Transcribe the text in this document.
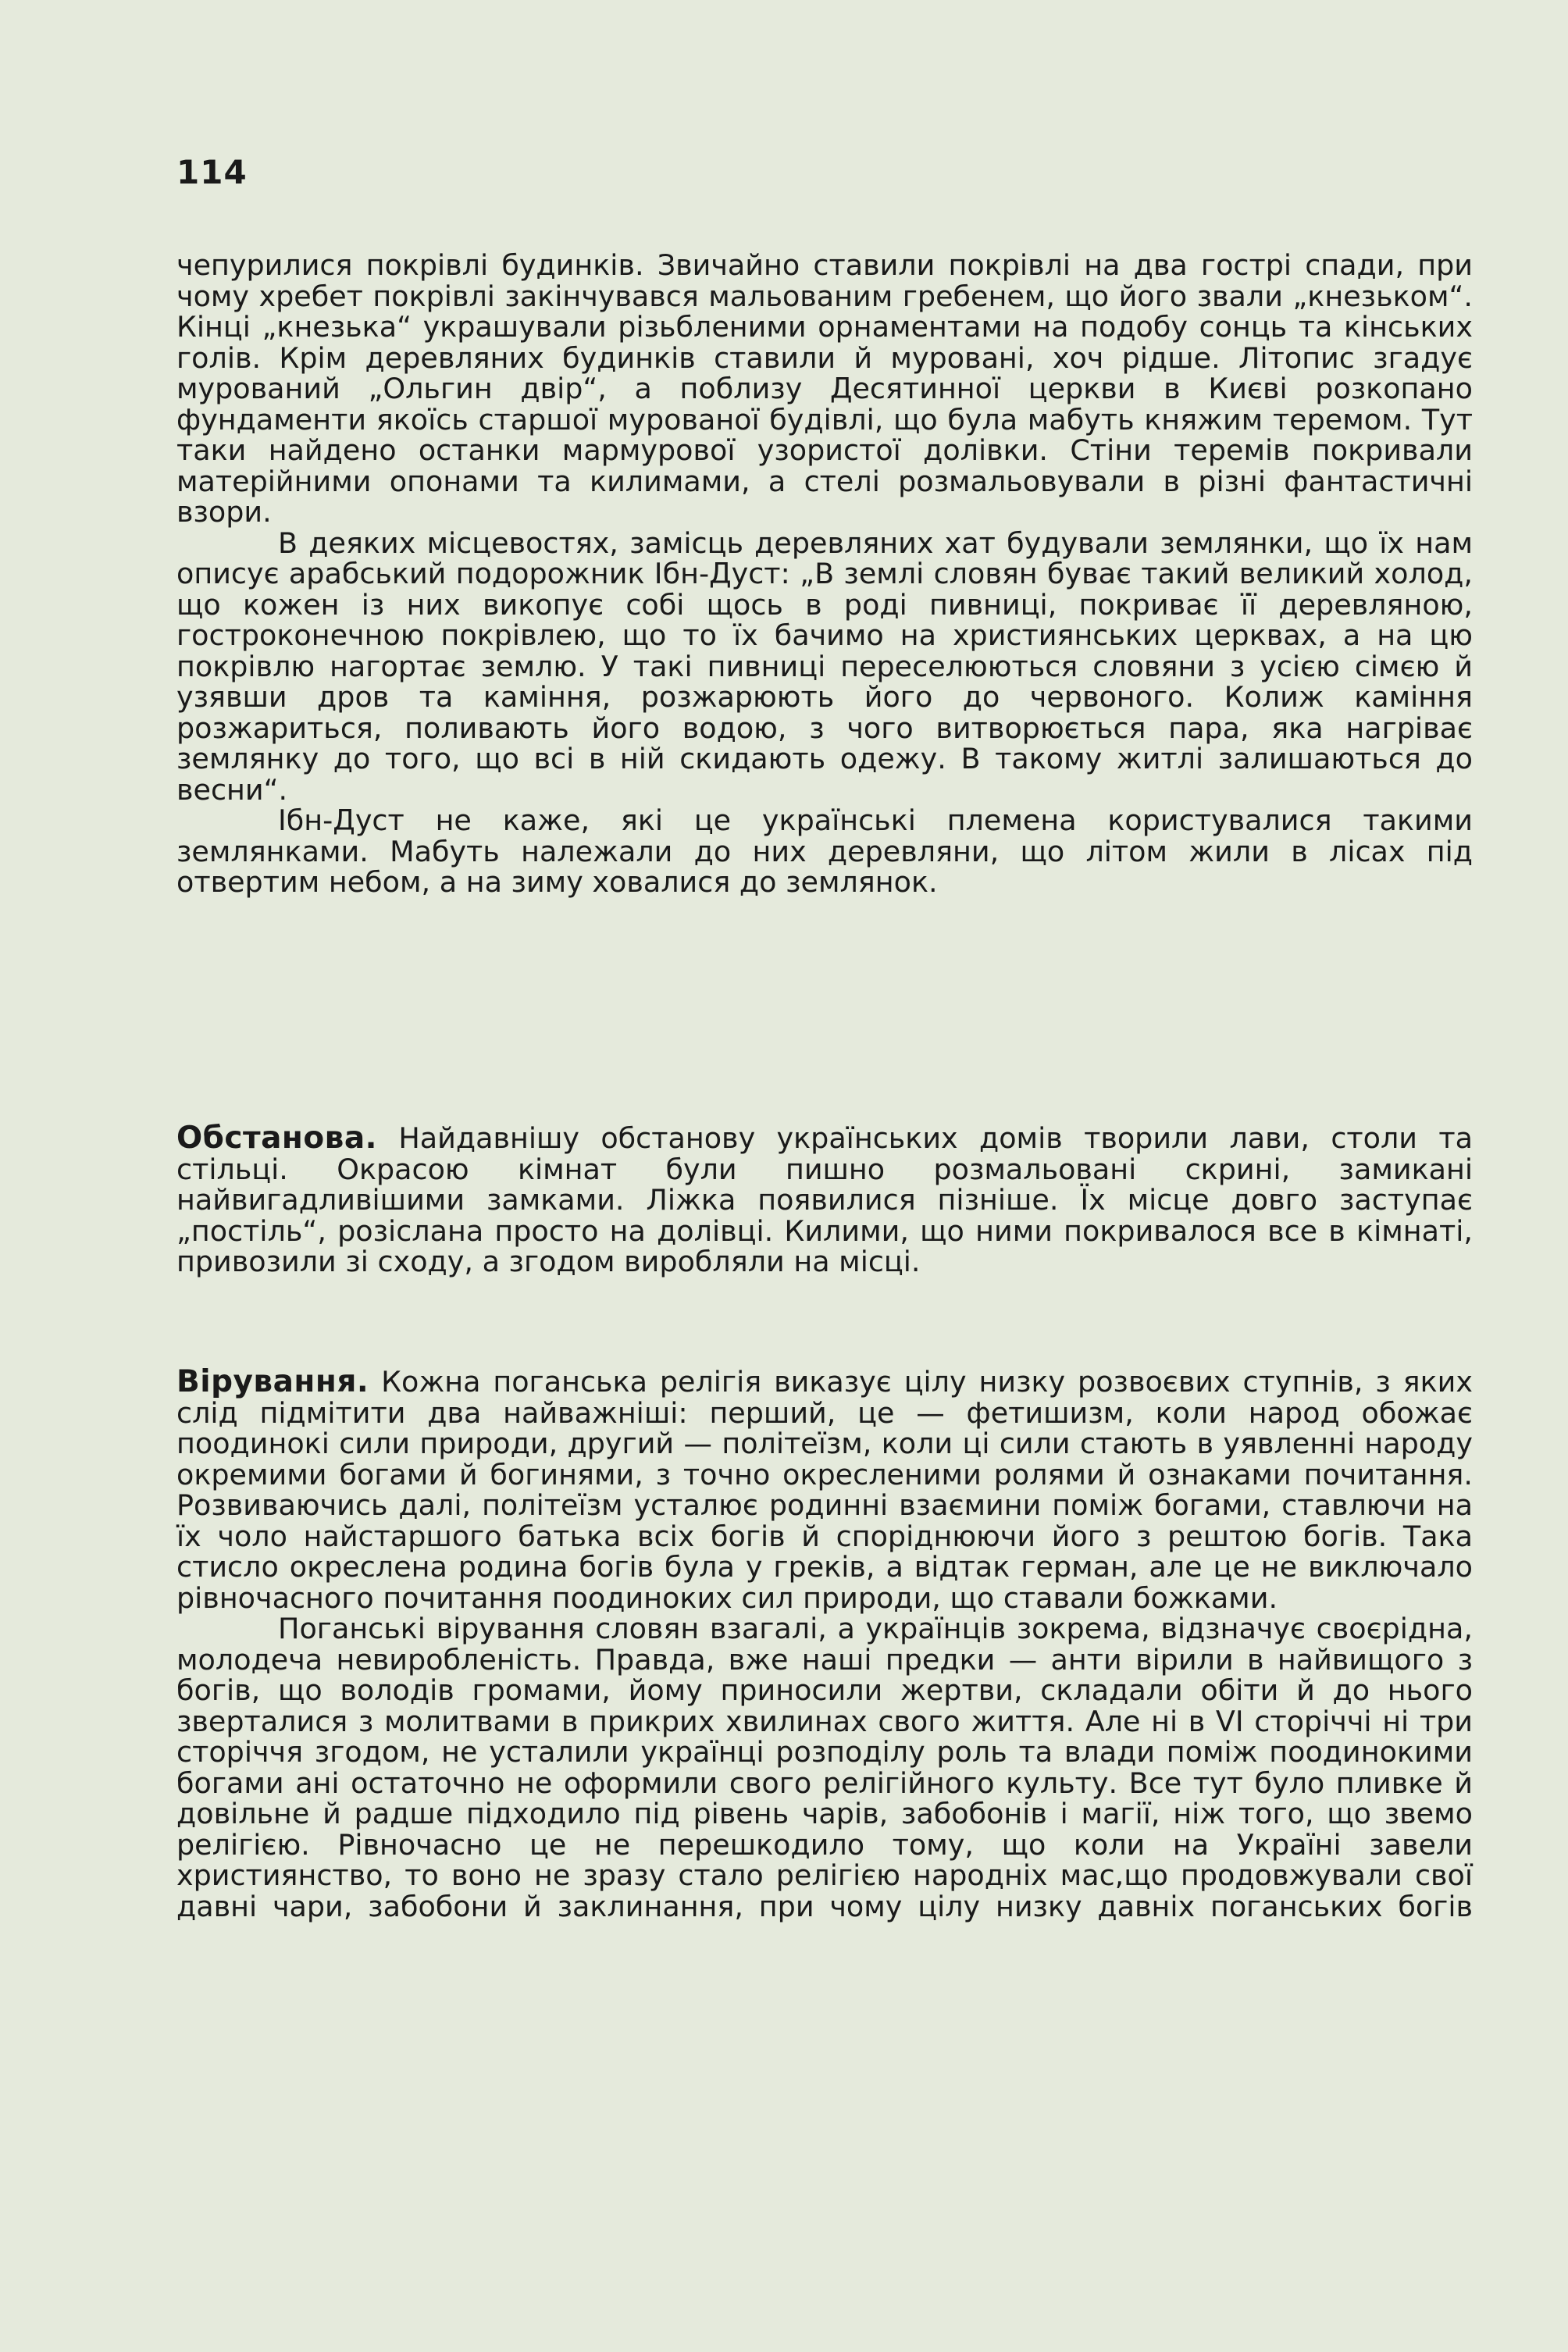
114

чепурилися покрівлі будинків. Звичайно ставили покрівлі на два гострі спади, при чому хребет покрівлі закінчувався мальованим гребенем, що його звали „кнезьком“. Кінці „кнезька“ украшували різьбленими орнаментами на подобу сонць та кінських голів. Крім деревляних будинків ставили й муровані, хоч рідше. Літопис згадує мурований „Ольгин двір“, а поблизу Десятинної церкви в Києві розкопано фундаменти якоїсь старшої мурованої будівлі, що була мабуть княжим теремом. Тут таки найдено останки мармурової узористої долівки. Стіни теремів покривали матерійними опонами та килимами, а стелі розмальовували в різні фантастичні взори.

В деяких місцевостях, замісць деревляних хат будували землянки, що їх нам описує арабський подорожник Ібн-Дуст: „В землі словян буває такий великий холод, що кожен із них викопує собі щось в роді пивниці, покриває її деревляною, гостроконечною покрівлею, що то їх бачимо на християнських церквах, а на цю покрівлю нагортає землю. У такі пивниці переселюються словяни з усією сімєю й узявши дров та каміння, розжарюють його до червоного. Колиж каміння розжариться, поливають його водою, з чого витворюється пара, яка нагріває землянку до того, що всі в ній скидають одежу. В такому житлі залишаються до весни“.

Ібн-Дуст не каже, які це українські племена користувалися такими землянками. Мабуть належали до них деревляни, що літом жили в лісах під отвертим небом, а на зиму ховалися до землянок.

Обстанова. Найдавнішу обстанову українських домів творили лави, столи та стільці. Окрасою кімнат були пишно розмальовані скрині, замикані найвигадливішими замками. Ліжка появилися пізніше. Їх місце довго заступає „постіль“, розіслана просто на долівці. Килими, що ними покривалося все в кімнаті, привозили зі сходу, а згодом виробляли на місці.

Вірування. Кожна поганська релігія виказує цілу низку розвоєвих ступнів, з яких слід підмітити два найважніші: перший, це — фетишизм, коли народ обожає поодинокі сили природи, другий — політеїзм, коли ці сили стають в уявленні народу окремими богами й богинями, з точно окресленими ролями й ознаками почитання. Розвиваючись далі, політеїзм усталює родинні взаємини поміж богами, ставлючи на їх чоло найстаршого батька всіх богів й споріднюючи його з рештою богів. Така стисло окреслена родина богів була у греків, а відтак герман, але це не виключало рівночасного почитання поодиноких сил природи, що ставали божками.

Поганські вірування словян взагалі, а українців зокрема, відзначує своєрідна, молодеча невиробленість. Правда, вже наші предки — анти вірили в найвищого з богів, що володів громами, йому приносили жертви, складали обіти й до нього зверталися з молитвами в прикрих хвилинах свого життя. Але ні в VI сторіччі ні три сторіччя згодом, не усталили українці розподілу роль та влади поміж поодинокими богами ані остаточно не оформили свого релігійного культу. Все тут було пливке й довільне й радше підходило під рівень чарів, забобонів і магії, ніж того, що звемо релігією. Рівночасно це не перешкодило тому, що коли на Україні завели християнство, то воно не зразу стало релігією народніх мас,що продовжували свої давні чари, забобони й заклинання, при чому цілу низку давніх поганських богів
